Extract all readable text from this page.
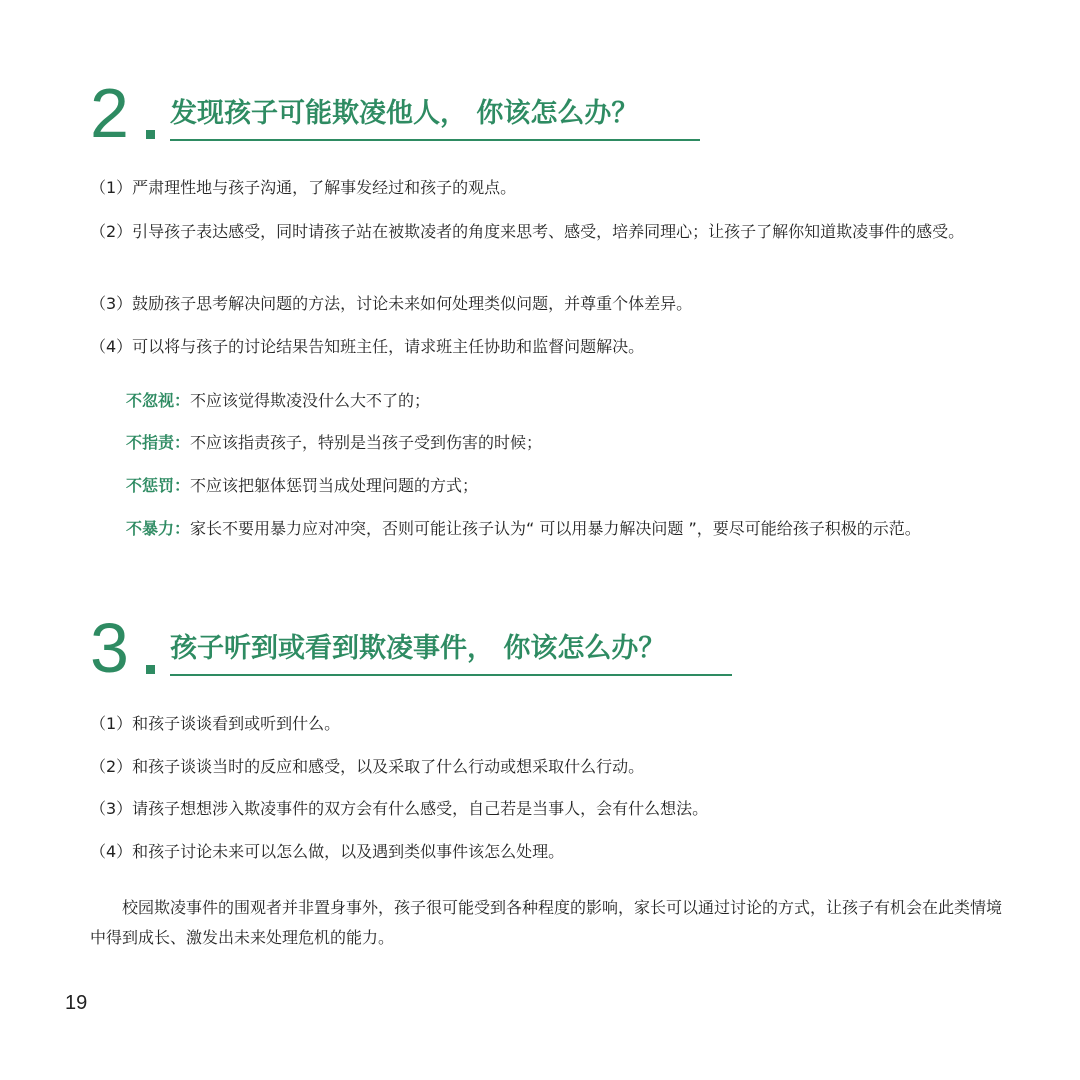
2 发现孩子可能欺凌他人， 你该怎么办？

（1）严肃理性地与孩子沟通，了解事发经过和孩子的观点。

（2）引导孩子表达感受，同时请孩子站在被欺凌者的角度来思考、感受，培养同理心；让孩子了解你知道欺凌事件的感受。

（3）鼓励孩子思考解决问题的方法，讨论未来如何处理类似问题，并尊重个体差异。

（4）可以将与孩子的讨论结果告知班主任，请求班主任协助和监督问题解决。

不忽视：不应该觉得欺凌没什么大不了的；

不指责：不应该指责孩子，特别是当孩子受到伤害的时候；

不惩罚：不应该把躯体惩罚当成处理问题的方式；

不暴力：家长不要用暴力应对冲突，否则可能让孩子认为“ 可以用暴力解决问题 ”，要尽可能给孩子积极的示范。

3 孩子听到或看到欺凌事件， 你该怎么办？

（1）和孩子谈谈看到或听到什么。

（2）和孩子谈谈当时的反应和感受，以及采取了什么行动或想采取什么行动。

（3）请孩子想想涉入欺凌事件的双方会有什么感受，自己若是当事人，会有什么想法。

（4）和孩子讨论未来可以怎么做，以及遇到类似事件该怎么处理。

校园欺凌事件的围观者并非置身事外，孩子很可能受到各种程度的影响，家长可以通过讨论的方式，让孩子有机会在此类情境中得到成长、激发出未来处理危机的能力。

19
